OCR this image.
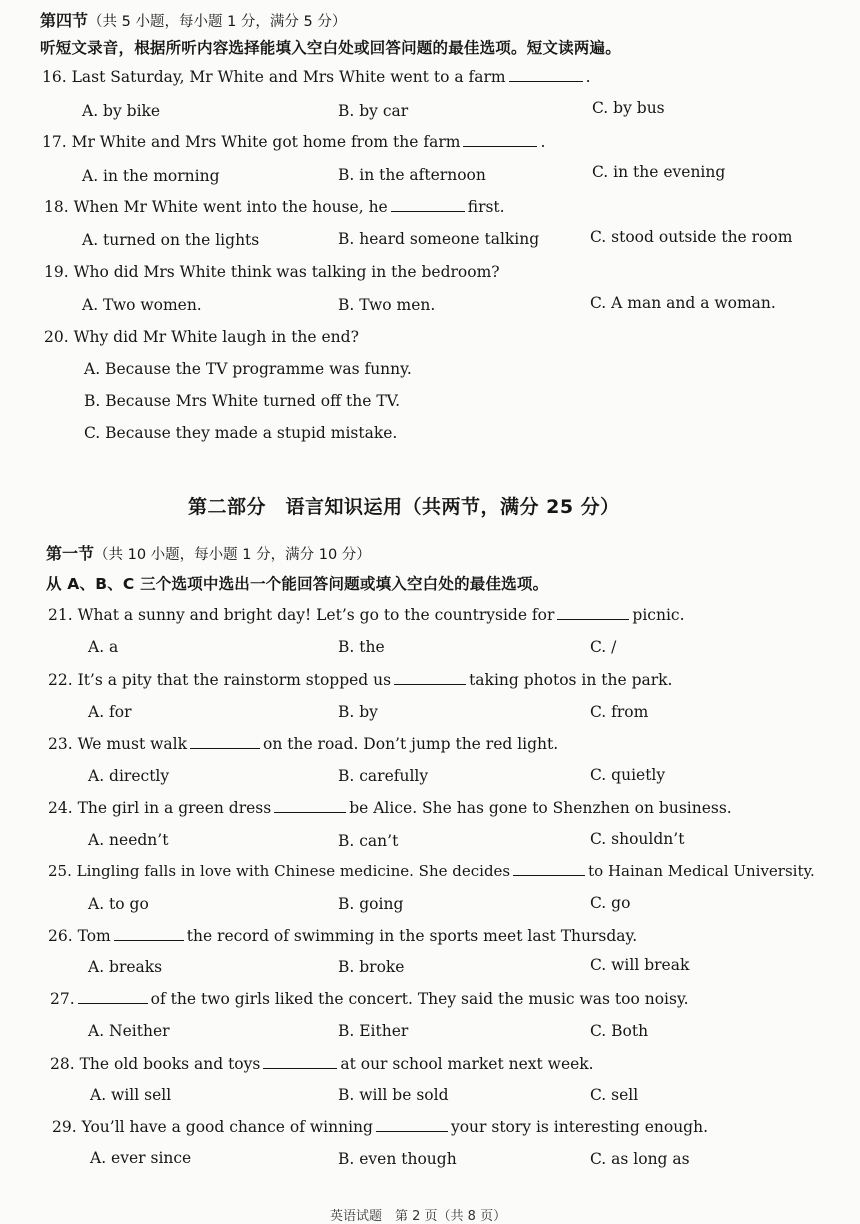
第四节（共 5 小题，每小题 1 分，满分 5 分）
听短文录音，根据所听内容选择能填入空白处或回答问题的最佳选项。短文读两遍。
16. Last Saturday, Mr White and Mrs White went to a farm	.
A. by bike	B. by car	C. by bus
17. Mr White and Mrs White got home from the farm	.
A. in the morning	B. in the afternoon	C. in the evening
18. When Mr White went into the house, he	first.
A. turned on the lights	B. heard someone talking	C. stood outside the room
19. Who did Mrs White think was talking in the bedroom?
A. Two women.	B. Two men.	C. A man and a woman.
20. Why did Mr White laugh in the end?
A. Because the TV programme was funny.
B. Because Mrs White turned off the TV.
C. Because they made a stupid mistake.
第二部分　语言知识运用（共两节，满分 25 分）
第一节（共 10 小题，每小题 1 分，满分 10 分）
从 A、B、C 三个选项中选出一个能回答问题或填入空白处的最佳选项。
21. What a sunny and bright day! Let’s go to the countryside for	picnic.
A. a	B. the	C. /
22. It’s a pity that the rainstorm stopped us	taking photos in the park.
A. for	B. by	C. from
23. We must walk	on the road. Don’t jump the red light.
A. directly	B. carefully	C. quietly
24. The girl in a green dress	be Alice. She has gone to Shenzhen on business.
A. needn’t	B. can’t	C. shouldn’t
25. Lingling falls in love with Chinese medicine. She decides	to Hainan Medical University.
A. to go	B. going	C. go
26. Tom	the record of swimming in the sports meet last Thursday.
A. breaks	B. broke	C. will break
27.	of the two girls liked the concert. They said the music was too noisy.
A. Neither	B. Either	C. Both
28. The old books and toys	at our school market next week.
A. will sell	B. will be sold	C. sell
29. You’ll have a good chance of winning	your story is interesting enough.
A. ever since	B. even though	C. as long as
英语试题　第 2 页（共 8 页）
